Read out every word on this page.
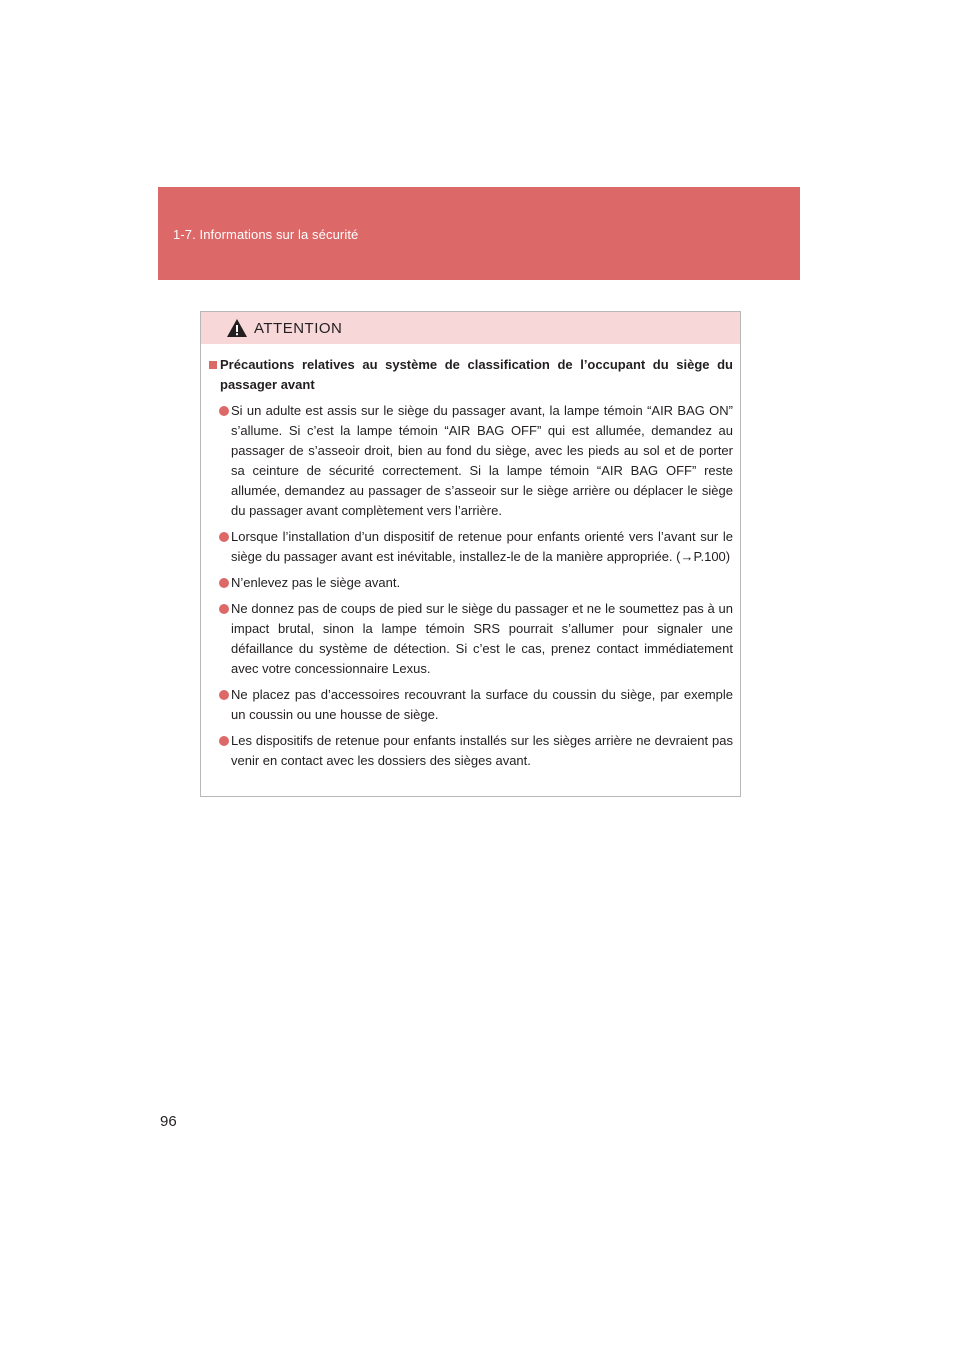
1-7. Informations sur la sécurité
ATTENTION
Précautions relatives au système de classification de l’occupant du siège du passager avant
Si un adulte est assis sur le siège du passager avant, la lampe témoin “AIR BAG ON” s’allume. Si c’est la lampe témoin “AIR BAG OFF” qui est allumée, demandez au passager de s’asseoir droit, bien au fond du siège, avec les pieds au sol et de porter sa ceinture de sécurité correctement. Si la lampe témoin “AIR BAG OFF” reste allumée, demandez au passager de s’asseoir sur le siège arrière ou déplacer le siège du passager avant complètement vers l’arrière.
Lorsque l’installation d’un dispositif de retenue pour enfants orienté vers l’avant sur le siège du passager avant est inévitable, installez-le de la manière appropriée. (→P.100)
N’enlevez pas le siège avant.
Ne donnez pas de coups de pied sur le siège du passager et ne le soumettez pas à un impact brutal, sinon la lampe témoin SRS pourrait s’allumer pour signaler une défaillance du système de détection. Si c’est le cas, prenez contact immédiatement avec votre concessionnaire Lexus.
Ne placez pas d’accessoires recouvrant la surface du coussin du siège, par exemple un coussin ou une housse de siège.
Les dispositifs de retenue pour enfants installés sur les sièges arrière ne devraient pas venir en contact avec les dossiers des sièges avant.
96
